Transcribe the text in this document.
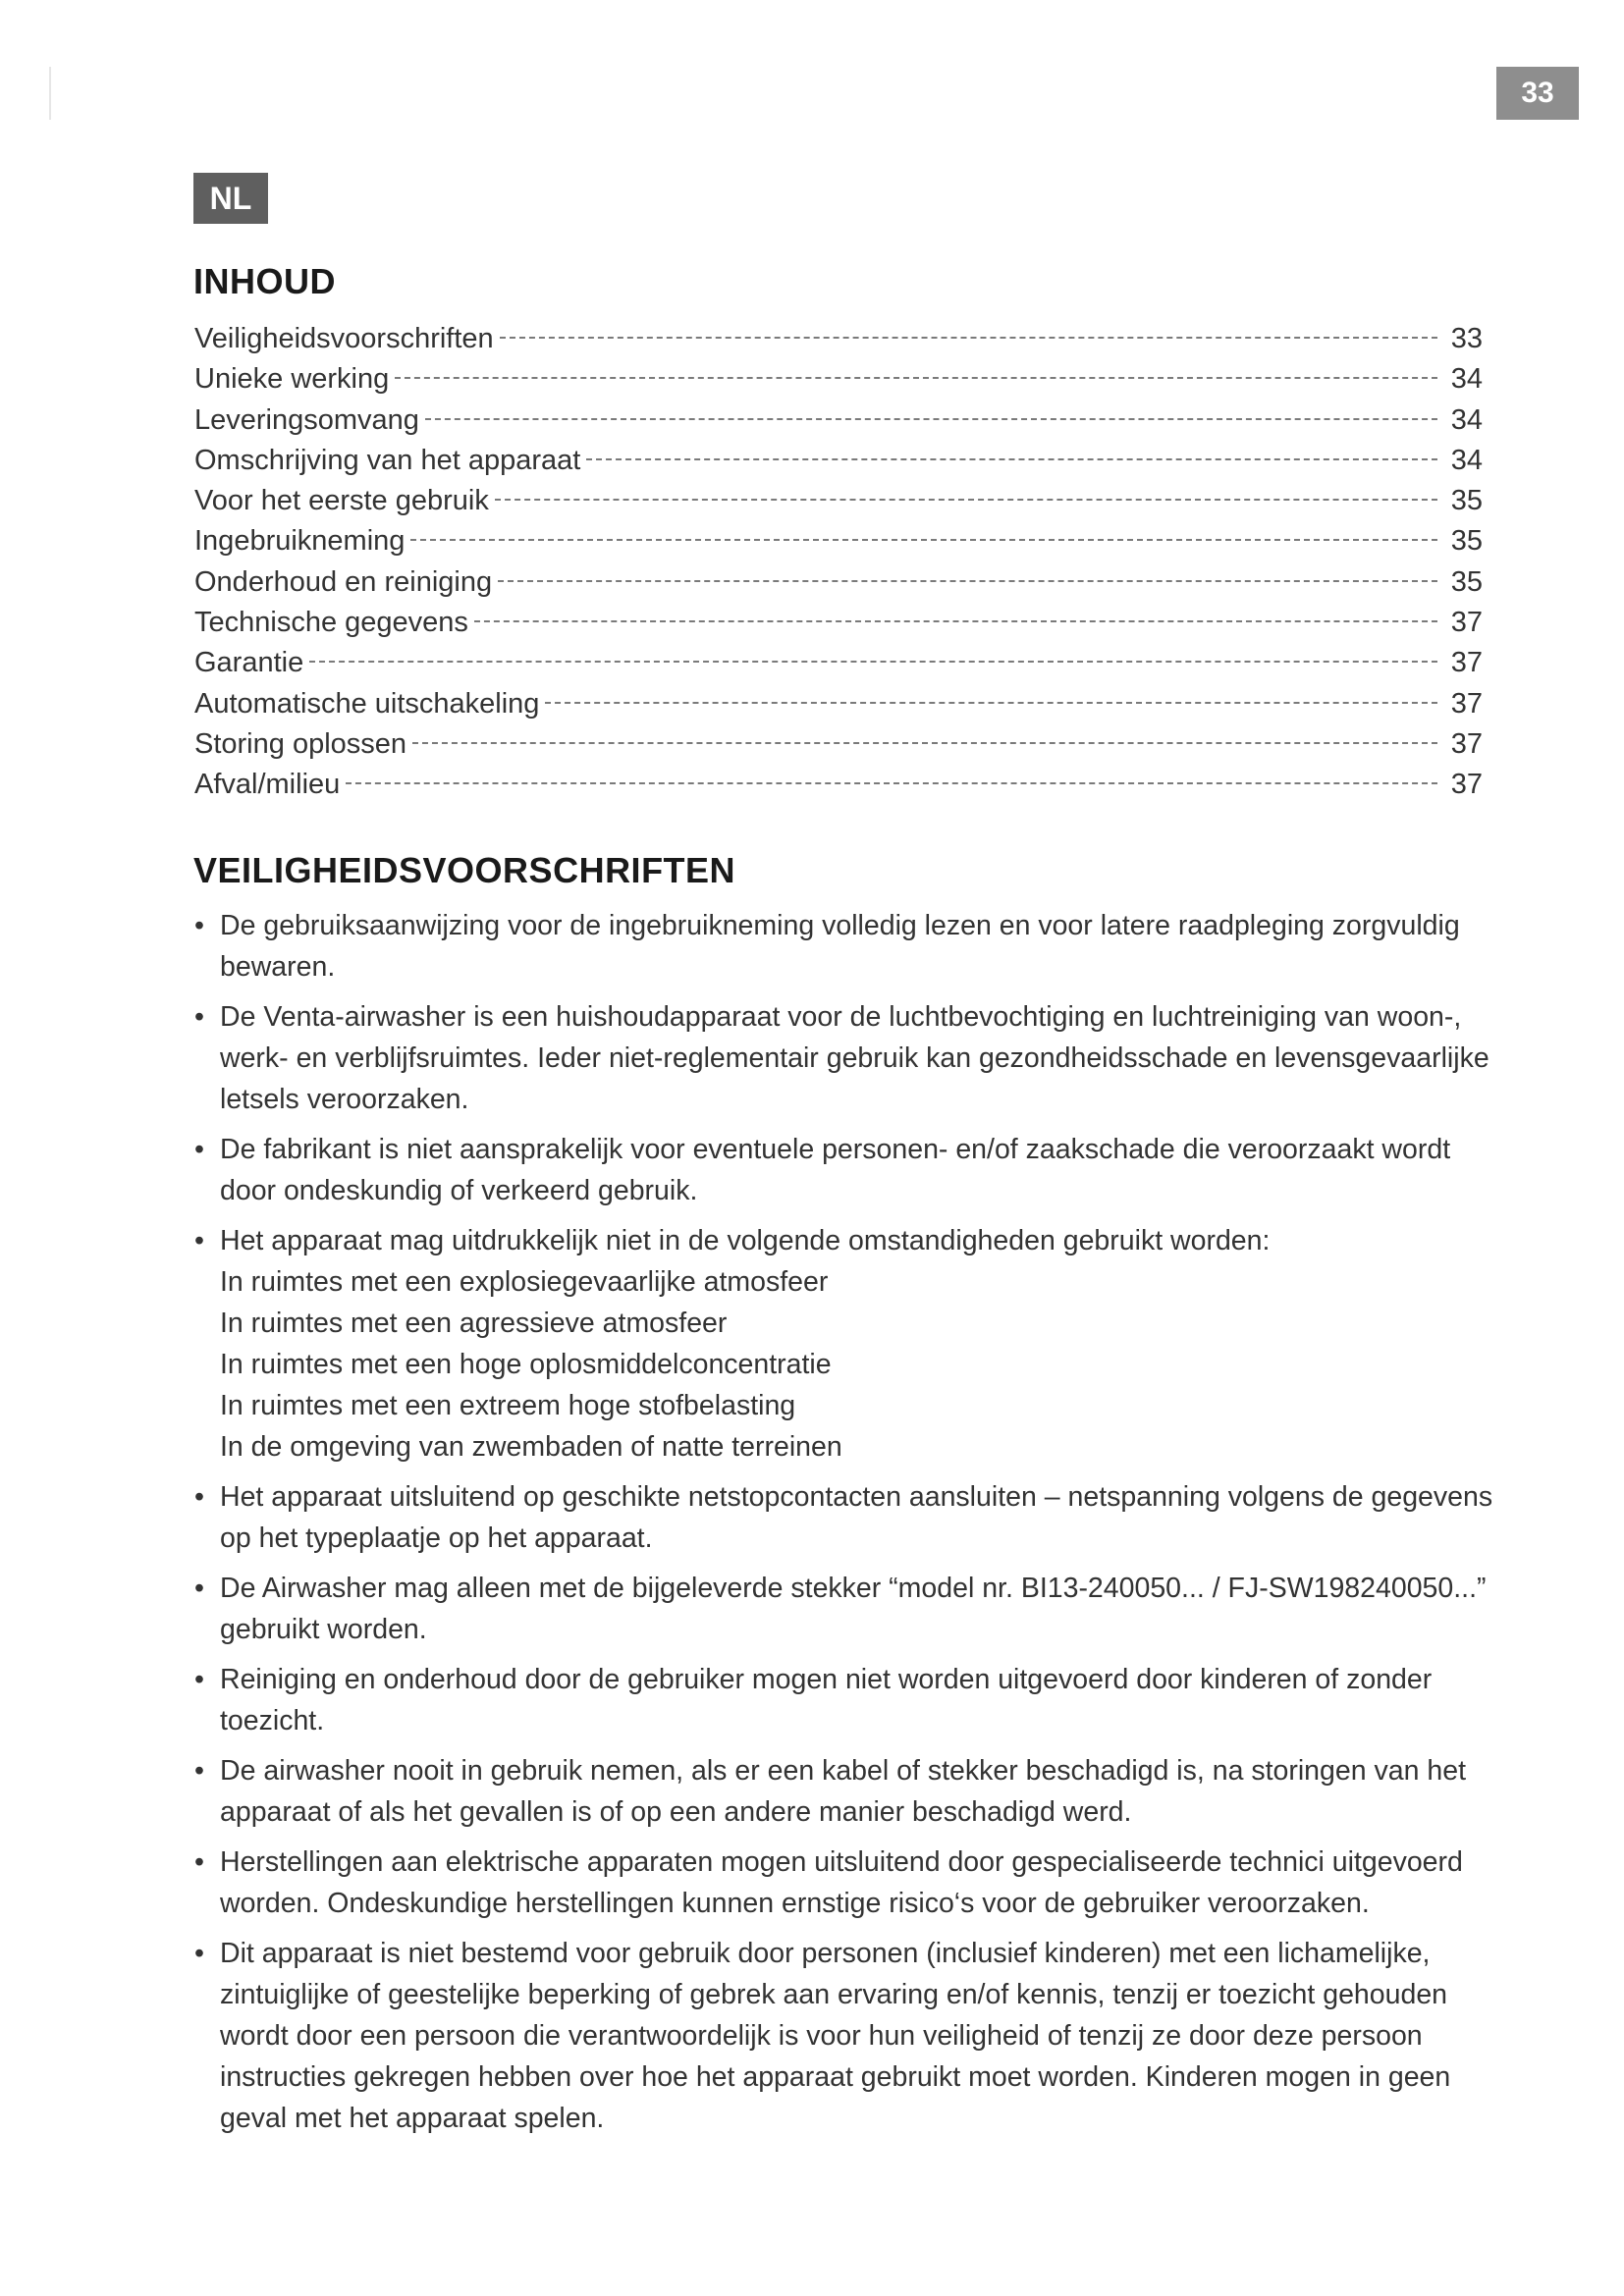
33
NL
INHOUD
Veiligheidsvoorschriften	33
Unieke werking	34
Leveringsomvang	34
Omschrijving van het apparaat	34
Voor het eerste gebruik	35
Ingebruikneming	35
Onderhoud en reiniging	35
Technische gegevens	37
Garantie	37
Automatische uitschakeling	37
Storing oplossen	37
Afval/milieu	37
VEILIGHEIDSVOORSCHRIFTEN
• De gebruiksaanwijzing voor de ingebruikneming volledig lezen en voor latere raadpleging zorgvuldig bewaren.
• De Venta-airwasher is een huishoudapparaat voor de luchtbevochtiging en luchtreiniging van woon-, werk- en verblijfsruimtes. Ieder niet-reglementair gebruik kan gezondheidsschade en levensgevaarlijke letsels veroorzaken.
• De fabrikant is niet aansprakelijk voor eventuele personen- en/of zaakschade die veroorzaakt wordt door ondeskundig of verkeerd gebruik.
• Het apparaat mag uitdrukkelijk niet in de volgende omstandigheden gebruikt worden:
In ruimtes met een explosiegevaarlijke atmosfeer
In ruimtes met een agressieve atmosfeer
In ruimtes met een hoge oplosmiddelconcentratie
In ruimtes met een extreem hoge stofbelasting
In de omgeving van zwembaden of natte terreinen
• Het apparaat uitsluitend op geschikte netstopcontacten aansluiten – netspanning volgens de gegevens op het typeplaatje op het apparaat.
• De Airwasher mag alleen met de bijgeleverde stekker “model nr. BI13-240050... / FJ-SW198240050...” gebruikt worden.
• Reiniging en onderhoud door de gebruiker mogen niet worden uitgevoerd door kinderen of zonder toezicht.
• De airwasher nooit in gebruik nemen, als er een kabel of stekker beschadigd is, na storingen van het apparaat of als het gevallen is of op een andere manier beschadigd werd.
• Herstellingen aan elektrische apparaten mogen uitsluitend door gespecialiseerde technici uitgevoerd worden. Ondeskundige herstellingen kunnen ernstige risico‘s voor de gebruiker veroorzaken.
• Dit apparaat is niet bestemd voor gebruik door personen (inclusief kinderen) met een lichamelijke, zintuiglijke of geestelijke beperking of gebrek aan ervaring en/of kennis, tenzij er toezicht gehouden wordt door een persoon die verantwoordelijk is voor hun veiligheid of tenzij ze door deze persoon instructies gekregen hebben over hoe het apparaat gebruikt moet worden. Kinderen mogen in geen geval met het apparaat spelen.
